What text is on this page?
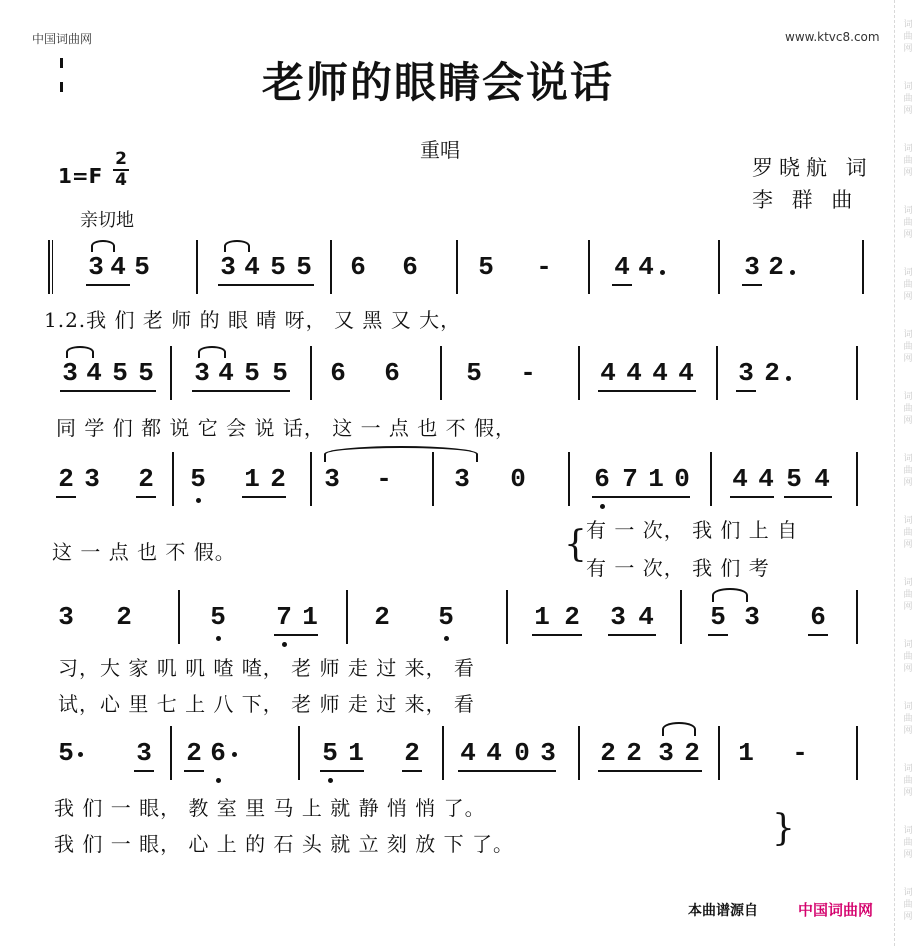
词
曲
网
词
曲
网
词
曲
网
词
曲
网
词
曲
网
词
曲
网
词
曲
网
词
曲
网
词
曲
网
词
曲
网
词
曲
网
词
曲
网
词
曲
网
词
曲
网
词
曲
网
中国词曲网	www.ktvc8.com
老师的眼睛会说话
重唱
罗晓航 词
李 群 曲
1=F
2
4
亲切地
3 4 5	3 4 5 5 6 6 5 - 4 4	3 2
1.2.我 们 老 师 的 眼 晴 呀， 又 黑 又 大，
3 4 5 5 3 4 5 5 6 6	5 - 4 4 4 4 3 2
同 学 们 都 说 它 会 说 话， 这 一 点 也 不 假，
2 3 2 5 1 2 3 - 3 0	6 7 1 0 4 4 5 4
这 一 点 也 不 假。	{ 有 一 次， 我 们 上 自
有 一 次， 我 们 考
3 2	5 7 1 2 5	1 2 3 4 5 3 6
习，大 家 叽 叽 喳 喳， 老 师 走 过 来， 看
试，心 里 七 上 八 下， 老 师 走 过 来， 看
5 3 2 6	5 1 2 4 4 0 3 2 2 3 2 1 -
我 们 一 眼， 教 室 里 马 上 就 静 悄 悄 了。
我 们 一 眼， 心 上 的 石 头 就 立 刻 放 下 了。	}
本曲谱源自	中国词曲网
